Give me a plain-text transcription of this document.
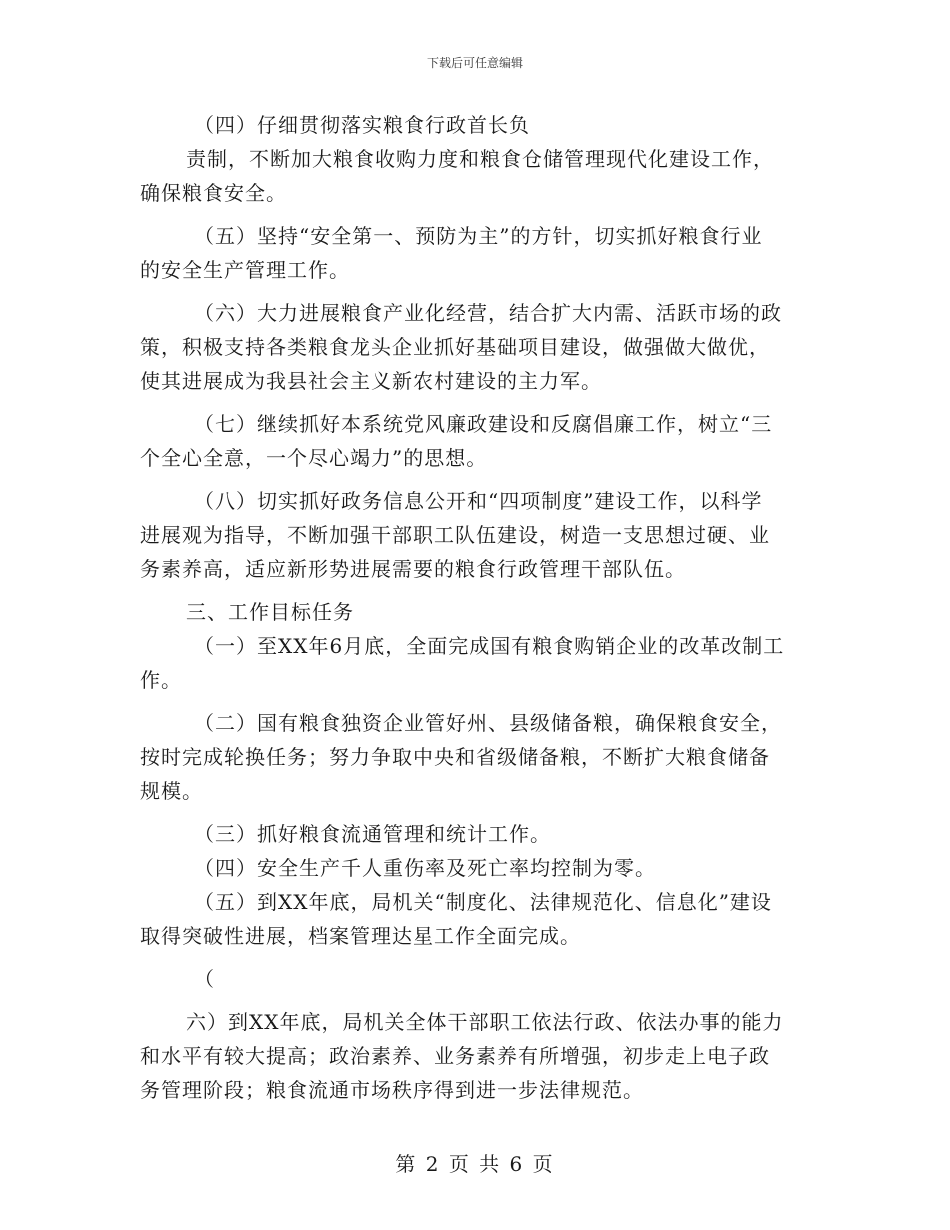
下载后可任意编辑
（四）仔细贯彻落实粮食行政首长负
责制，不断加大粮食收购力度和粮食仓储管理现代化建设工作，
确保粮食安全。
（五）坚持“安全第一、预防为主”的方针，切实抓好粮食行业
的安全生产管理工作。
（六）大力进展粮食产业化经营，结合扩大内需、活跃市场的政
策，积极支持各类粮食龙头企业抓好基础项目建设，做强做大做优，
使其进展成为我县社会主义新农村建设的主力军。
（七）继续抓好本系统党风廉政建设和反腐倡廉工作，树立“三
个全心全意，一个尽心竭力”的思想。
（八）切实抓好政务信息公开和“四项制度”建设工作，以科学
进展观为指导，不断加强干部职工队伍建设，树造一支思想过硬、业
务素养高，适应新形势进展需要的粮食行政管理干部队伍。
三、工作目标任务
（一）至XX年6月底，全面完成国有粮食购销企业的改革改制工
作。
（二）国有粮食独资企业管好州、县级储备粮，确保粮食安全，
按时完成轮换任务；努力争取中央和省级储备粮，不断扩大粮食储备
规模。
（三）抓好粮食流通管理和统计工作。
（四）安全生产千人重伤率及死亡率均控制为零。
（五）到XX年底，局机关“制度化、法律规范化、信息化”建设
取得突破性进展，档案管理达星工作全面完成。
（
六）到XX年底，局机关全体干部职工依法行政、依法办事的能力
和水平有较大提高；政治素养、业务素养有所增强，初步走上电子政
务管理阶段；粮食流通市场秩序得到进一步法律规范。
第 2 页 共 6 页
